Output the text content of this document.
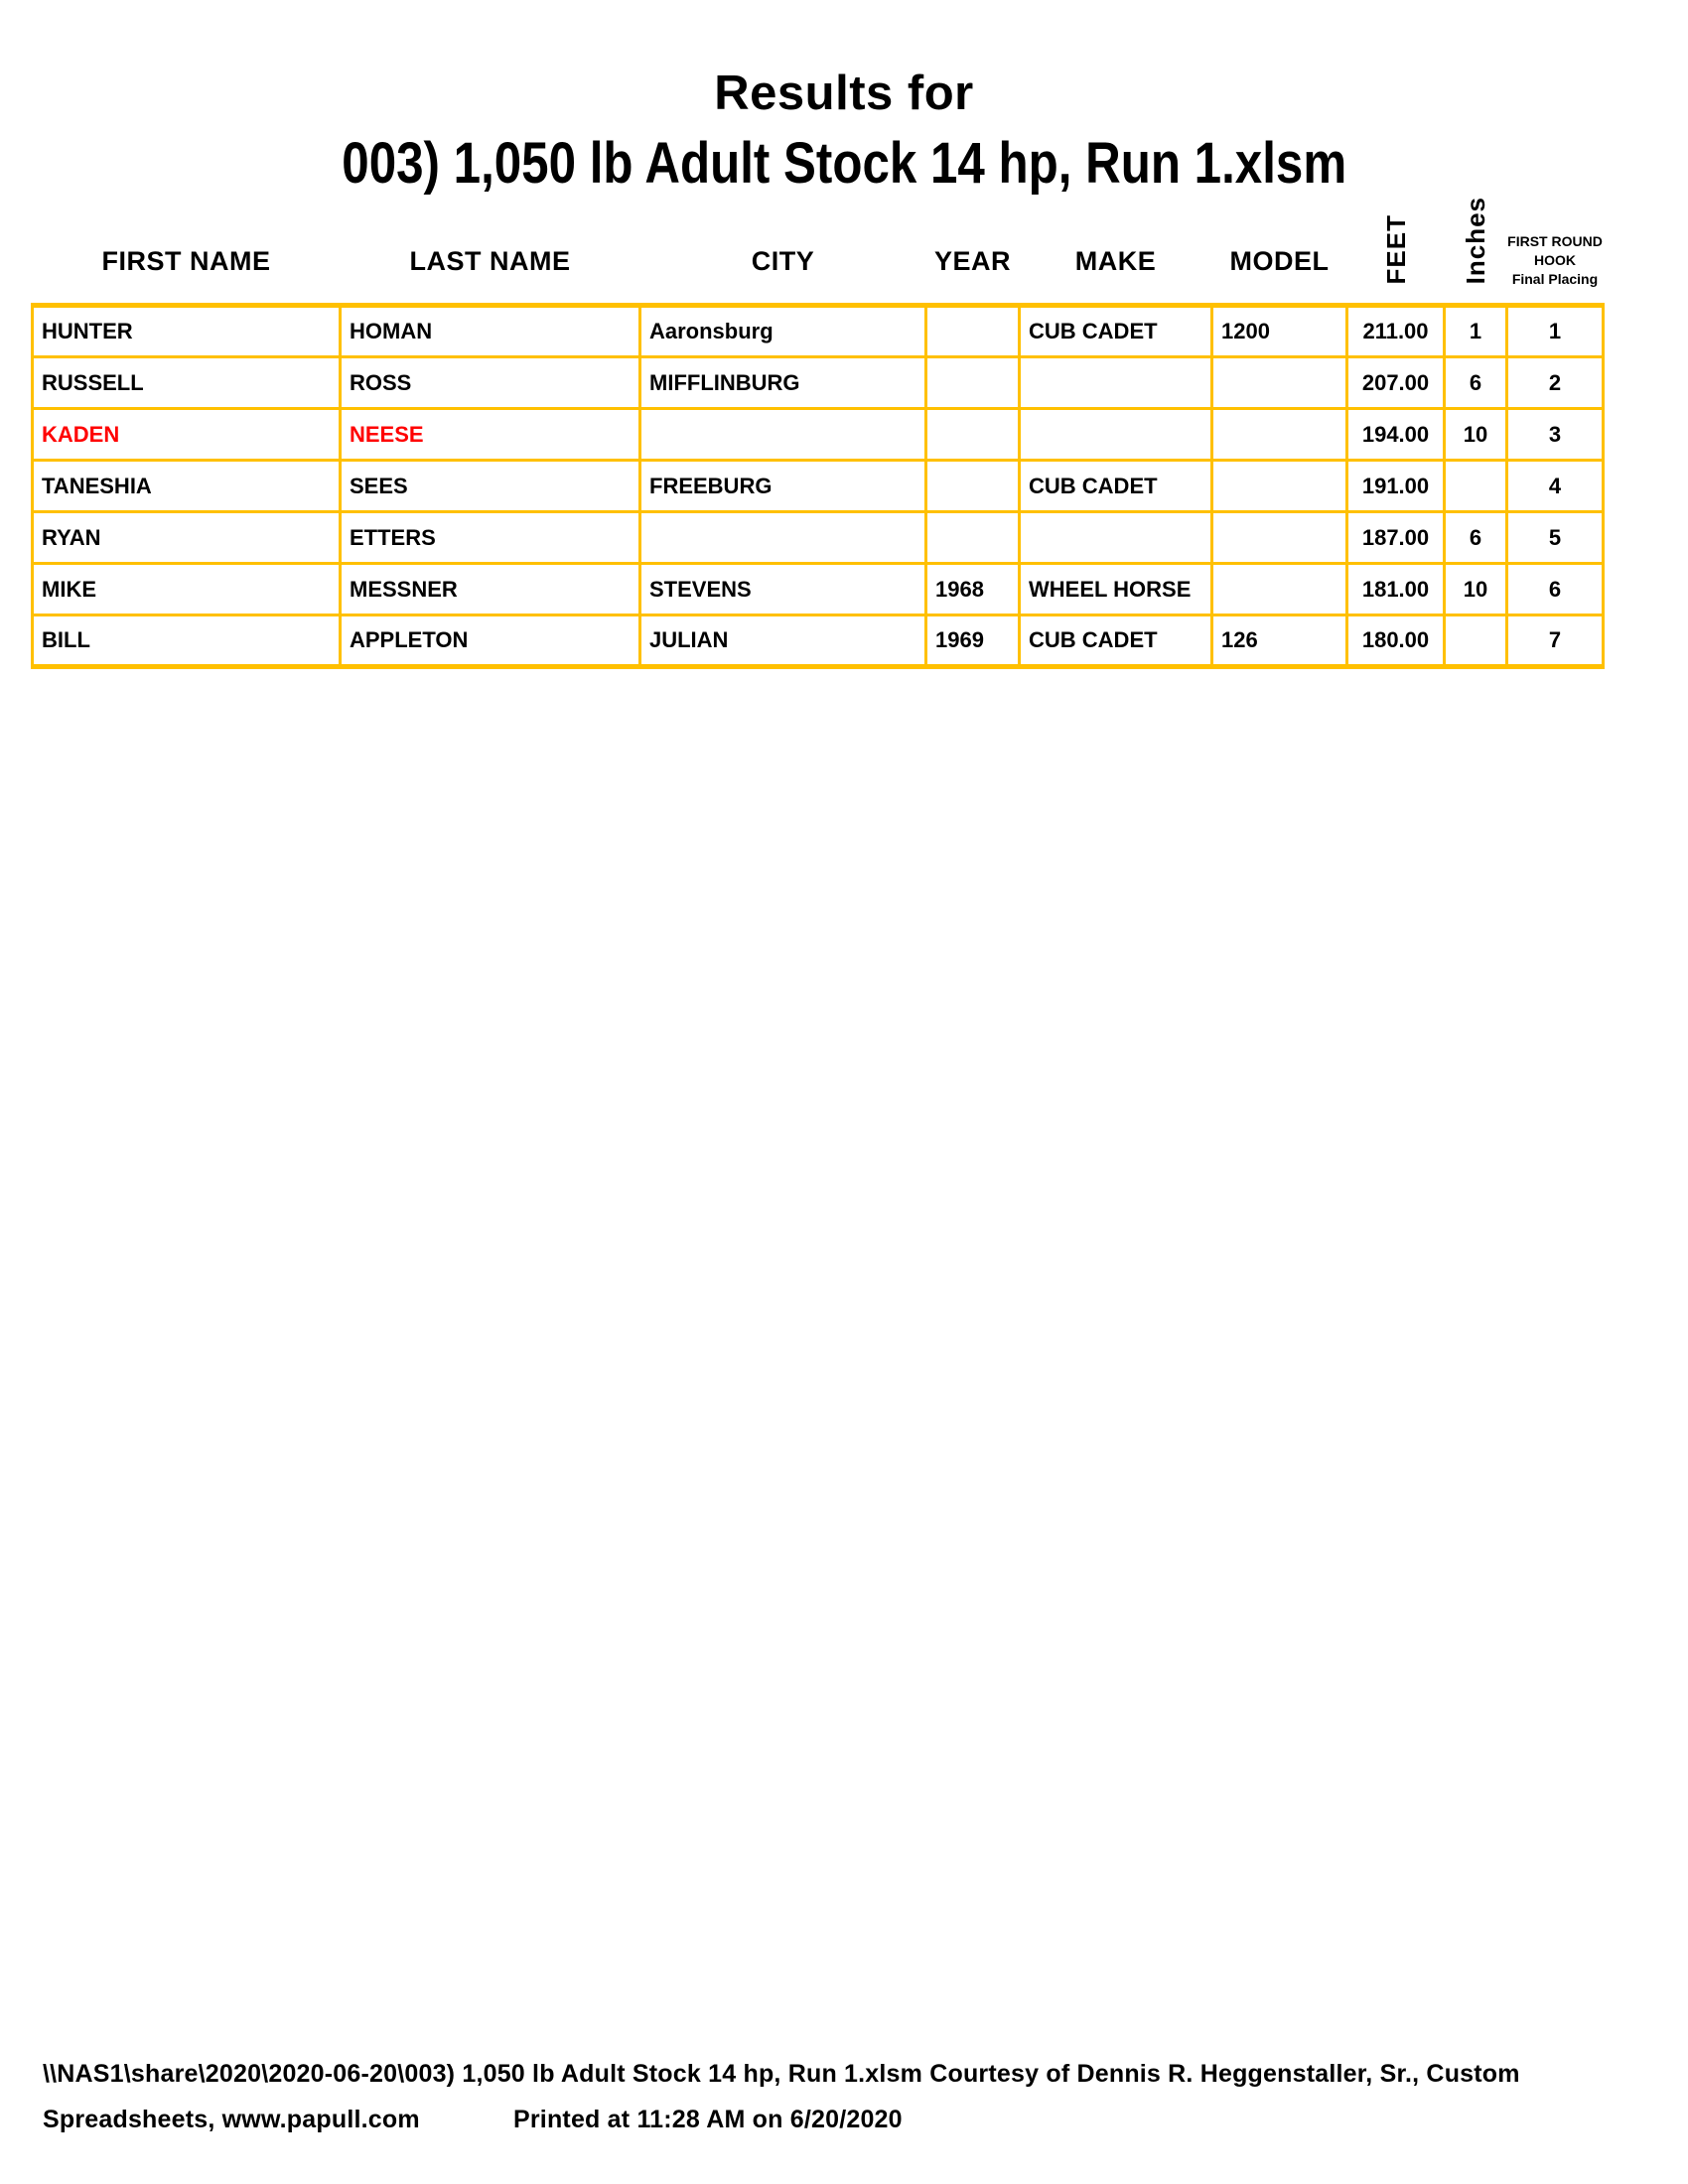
Results for
003) 1,050 lb Adult Stock 14 hp, Run 1.xlsm
FIRST NAME	LAST NAME	CITY	YEAR	MAKE	MODEL	FEET	Inches	FIRST ROUND
HOOK
Final Placing

HUNTER	HOMAN	Aaronsburg		CUB CADET	1200	211.00	1	1
RUSSELL	ROSS	MIFFLINBURG				207.00	6	2
KADEN	NEESE					194.00	10	3
TANESHIA	SEES	FREEBURG		CUB CADET		191.00		4
RYAN	ETTERS					187.00	6	5
MIKE	MESSNER	STEVENS	1968	WHEEL HORSE		181.00	10	6
BILL	APPLETON	JULIAN	1969	CUB CADET	126	180.00		7
\\NAS1\share\2020\2020-06-20\003) 1,050 lb Adult Stock 14 hp, Run 1.xlsm Courtesy of Dennis R. Heggenstaller, Sr., Custom
Spreadsheets, www.papull.com	Printed at 11:28 AM on 6/20/2020
